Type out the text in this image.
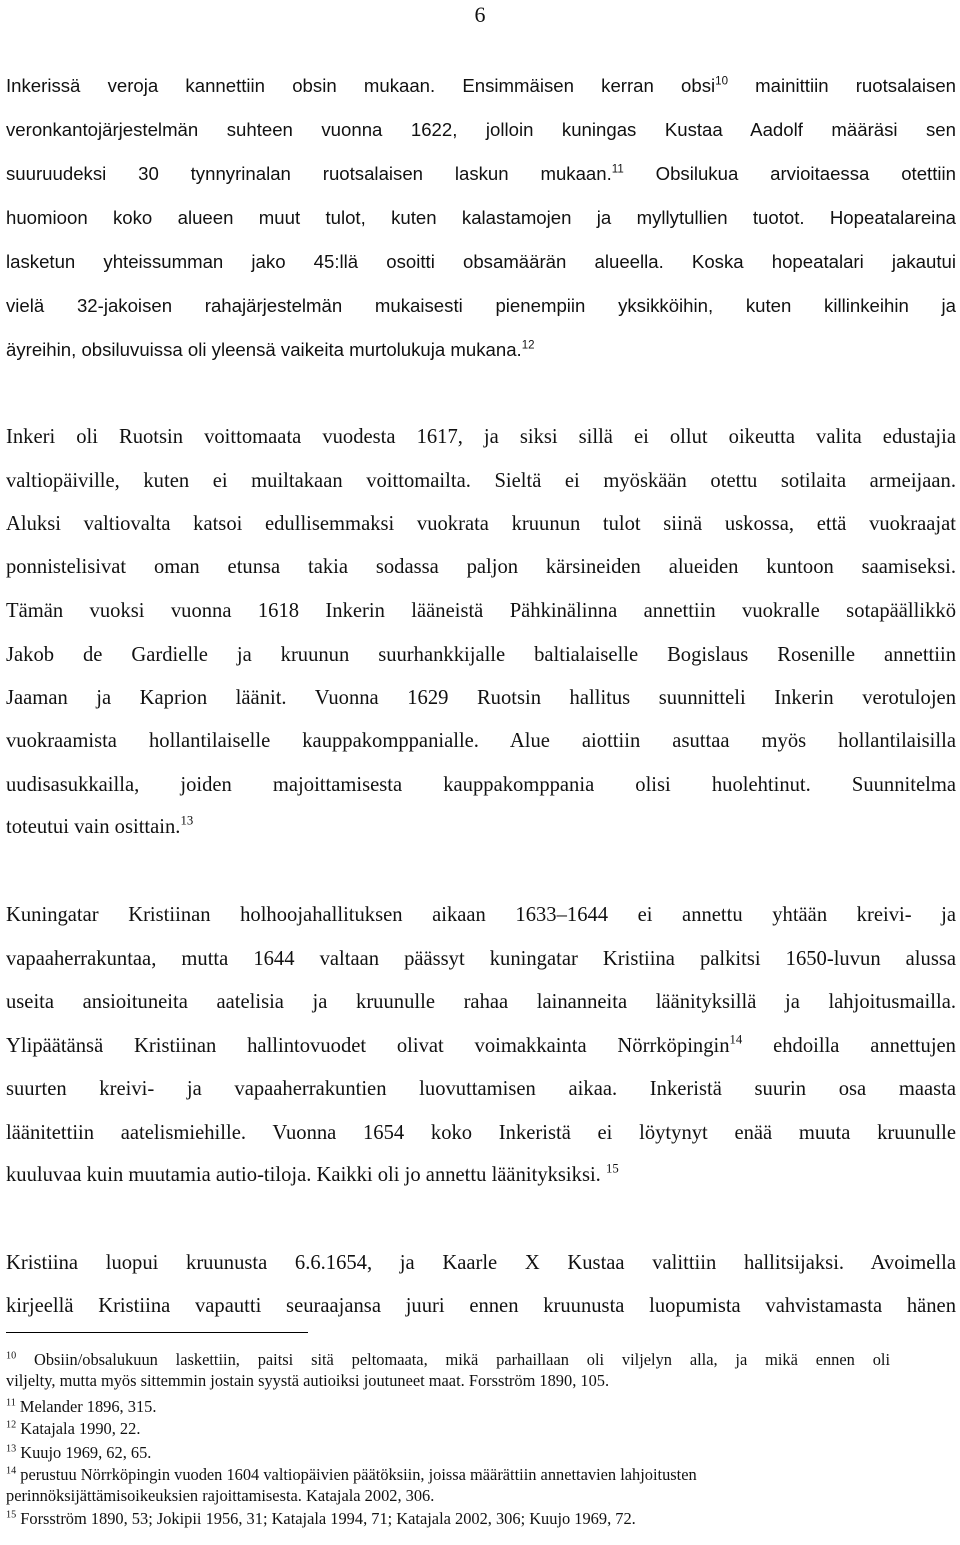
6
Inkerissä veroja kannettiin obsin mukaan. Ensimmäisen kerran obsi$^{10}$ mainittiin ruotsalaisen
veronkantojärjestelmän suhteen vuonna 1622, jolloin kuningas Kustaa Aadolf määräsi sen
suuruudeksi 30 tynnyrinalan ruotsalaisen laskun mukaan.$^{11}$ Obsilukua arvioitaessa otettiin
huomioon koko alueen muut tulot, kuten kalastamojen ja myllytullien tuotot. Hopeatalareina
lasketun yhteissumman jako 45:llä osoitti obsamäärän alueella. Koska hopeatalari jakautui
vielä 32-jakoisen rahajärjestelmän mukaisesti pienempiin yksikköihin, kuten killinkeihin ja
äyreihin, obsiluvuissa oli yleensä vaikeita murtolukuja mukana.$^{12}$
Inkeri oli Ruotsin voittomaata vuodesta 1617, ja siksi sillä ei ollut oikeutta valita edustajia
valtiopäiville, kuten ei muiltakaan voittomailta. Sieltä ei myöskään otettu sotilaita armeijaan.
Aluksi valtiovalta katsoi edullisemmaksi vuokrata kruunun tulot siinä uskossa, että vuokraajat
ponnistelisivat oman etunsa takia sodassa paljon kärsineiden alueiden kuntoon saamiseksi.
Tämän vuoksi vuonna 1618 Inkerin lääneistä Pähkinälinna annettiin vuokralle sotapäällikkö
Jakob de Gardielle ja kruunun suurhankkijalle baltialaiselle Bogislaus Rosenille annettiin
Jaaman ja Kaprion läänit. Vuonna 1629 Ruotsin hallitus suunnitteli Inkerin verotulojen
vuokraamista hollantilaiselle kauppakomppanialle. Alue aiottiin asuttaa myös hollantilaisilla
uudisasukkailla, joiden majoittamisesta kauppakomppania olisi huolehtinut. Suunnitelma
toteutui vain osittain.$^{13}$
Kuningatar Kristiinan holhoojahallituksen aikaan 1633–1644 ei annettu yhtään kreivi- ja
vapaaherrakuntaa, mutta 1644 valtaan päässyt kuningatar Kristiina palkitsi 1650-luvun alussa
useita ansioituneita aatelisia ja kruunulle rahaa lainanneita läänityksillä ja lahjoitusmailla.
Ylipäätänsä Kristiinan hallintovuodet olivat voimakkainta Nörrköpingin$^{14}$ ehdoilla annettujen
suurten kreivi- ja vapaaherrakuntien luovuttamisen aikaa. Inkeristä suurin osa maasta
läänitettiin aatelismiehille. Vuonna 1654 koko Inkeristä ei löytynyt enää muuta kruunulle
kuuluvaa kuin muutamia autio-tiloja. Kaikki oli jo annettu läänityksiksi. $^{15}$
Kristiina luopui kruunusta 6.6.1654, ja Kaarle X Kustaa valittiin hallitsijaksi. Avoimella
kirjeellä Kristiina vapautti seuraajansa juuri ennen kruunusta luopumista vahvistamasta hänen
$^{10}$ Obsiin/obsalukuun laskettiin, paitsi sitä peltomaata, mikä parhaillaan oli viljelyn alla, ja mikä ennen oli
viljelty, mutta myös sittemmin jostain syystä autioiksi joutuneet maat. Forsström 1890, 105.
$^{11}$ Melander 1896, 315.
$^{12}$ Katajala 1990, 22.
$^{13}$ Kuujo 1969, 62, 65.
$^{14}$ perustuu Nörrköpingin vuoden 1604 valtiopäivien päätöksiin, joissa määrättiin annettavien lahjoitusten
perinnöksijättämisoikeuksien rajoittamisesta. Katajala 2002, 306.
$^{15}$ Forsström 1890, 53; Jokipii 1956, 31; Katajala 1994, 71; Katajala 2002, 306; Kuujo 1969, 72.
